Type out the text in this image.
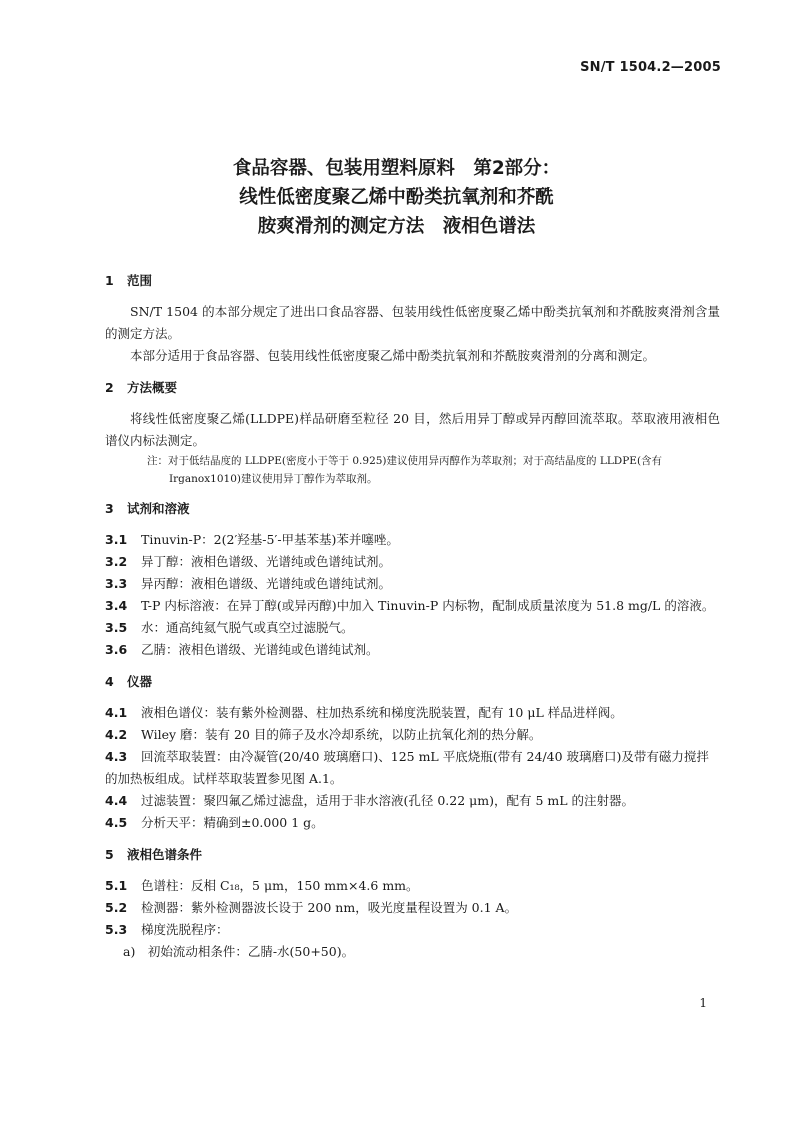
SN/T 1504.2—2005
食品容器、包装用塑料原料　第2部分：
线性低密度聚乙烯中酚类抗氧剂和芥酰
胺爽滑剂的测定方法　液相色谱法

1 范围

SN/T 1504 的本部分规定了进出口食品容器、包装用线性低密度聚乙烯中酚类抗氧剂和芥酰胺爽滑剂含量的测定方法。

本部分适用于食品容器、包装用线性低密度聚乙烯中酚类抗氧剂和芥酰胺爽滑剂的分离和测定。

2 方法概要

将线性低密度聚乙烯(LLDPE)样品研磨至粒径 20 目，然后用异丁醇或异丙醇回流萃取。萃取液用液相色谱仪内标法测定。

注：对于低结晶度的 LLDPE(密度小于等于 0.925)建议使用异丙醇作为萃取剂；对于高结晶度的 LLDPE(含有

Irganox1010)建议使用异丁醇作为萃取剂。

3 试剂和溶液

3.1 Tinuvin-P：2(2′羟基-5′-甲基苯基)苯并噻唑。

3.2 异丁醇：液相色谱级、光谱纯或色谱纯试剂。

3.3 异丙醇：液相色谱级、光谱纯或色谱纯试剂。

3.4 T-P 内标溶液：在异丁醇(或异丙醇)中加入 Tinuvin-P 内标物，配制成质量浓度为 51.8 mg/L 的溶液。

3.5 水：通高纯氦气脱气或真空过滤脱气。

3.6 乙腈：液相色谱级、光谱纯或色谱纯试剂。

4 仪器

4.1 液相色谱仪：装有紫外检测器、柱加热系统和梯度洗脱装置，配有 10 μL 样品进样阀。

4.2 Wiley 磨：装有 20 目的筛子及水冷却系统，以防止抗氧化剂的热分解。

4.3 回流萃取装置：由冷凝管(20/40 玻璃磨口)、125 mL 平底烧瓶(带有 24/40 玻璃磨口)及带有磁力搅拌的加热板组成。试样萃取装置参见图 A.1。

4.4 过滤装置：聚四氟乙烯过滤盘，适用于非水溶液(孔径 0.22 μm)，配有 5 mL 的注射器。

4.5 分析天平：精确到±0.000 1 g。

5 液相色谱条件

5.1 色谱柱：反相 C₁₈，5 μm，150 mm×4.6 mm。

5.2 检测器：紫外检测器波长设于 200 nm，吸光度量程设置为 0.1 A。

5.3 梯度洗脱程序：

a)　初始流动相条件：乙腈-水(50+50)。

1
